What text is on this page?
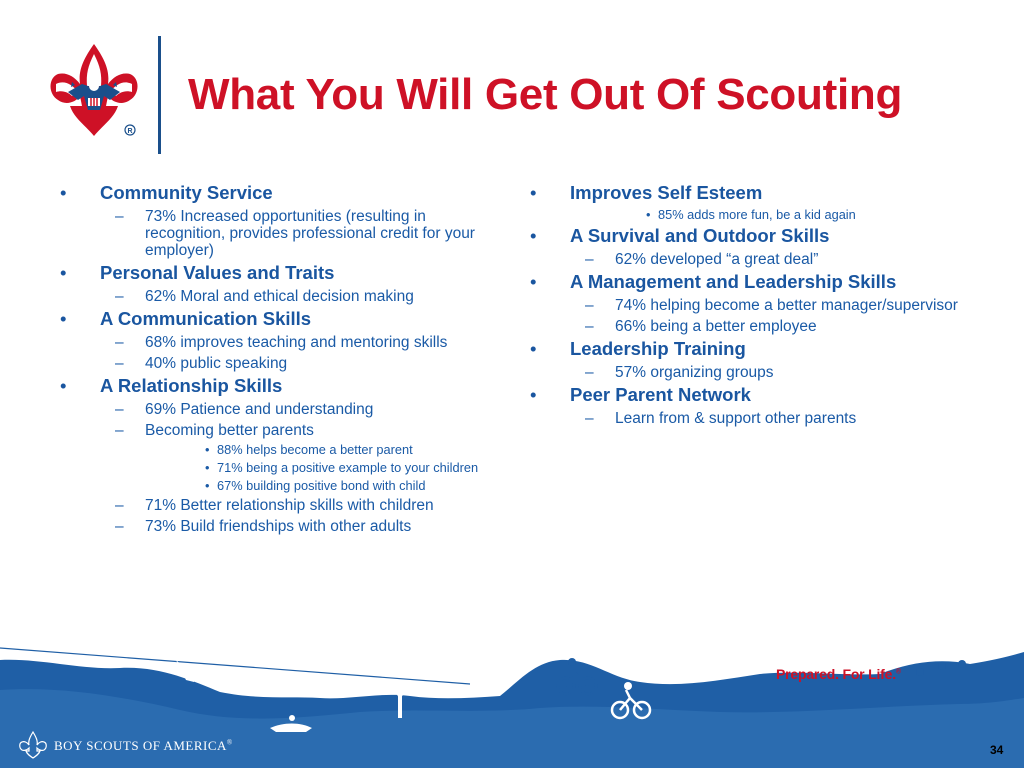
R
What You Will Get Out Of Scouting
• Community Service
– 73% Increased opportunities (resulting in recognition, provides professional credit for your employer)
• Personal Values and Traits
– 62% Moral and ethical decision making
• A Communication Skills
– 68% improves teaching and mentoring skills
– 40% public speaking
• A Relationship Skills
– 69% Patience and understanding
– Becoming better parents
• 88% helps become a better parent
• 71% being a positive example to your children
• 67% building positive bond with child
– 71% Better relationship skills with children
– 73% Build friendships with other adults
• Improves Self Esteem
• 85% adds more fun, be a kid again
• A Survival and Outdoor Skills
– 62% developed “a great deal”
• A Management and Leadership Skills
– 74% helping become a better manager/supervisor
– 66% being a better employee
• Leadership Training
– 57% organizing groups
• Peer Parent Network
– Learn from & support other parents
Prepared. For Life.®
BOY SCOUTS OF AMERICA®
34
